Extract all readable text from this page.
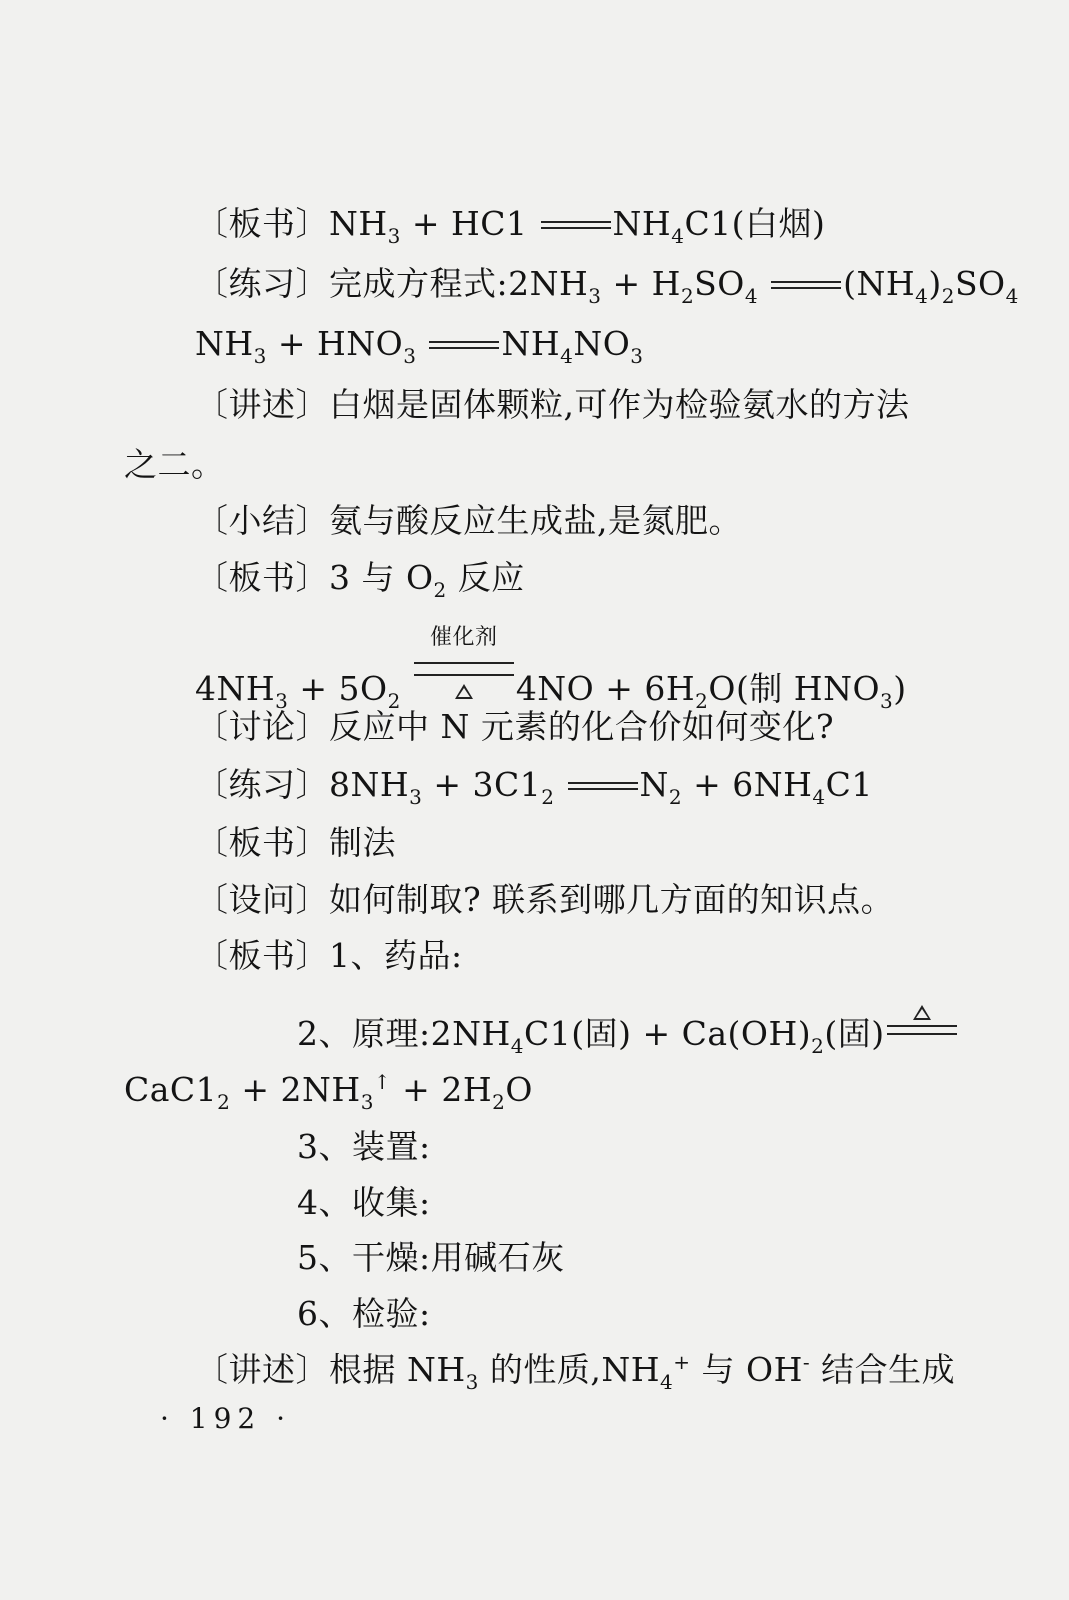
〔板书〕$NH_3 + HC1$ $NH_4C1$(白烟)
〔练习〕完成方程式$:2NH_3 + H_2SO_4$	$(NH_4)_2SO_4$
$NH_3 + HNO_3$	$NH_4NO_3$
〔讲述〕白烟是固体颗粒,可作为检验氨水的方法
之二。
〔小结〕氨与酸反应生成盐,是氮肥。
〔板书〕3 与 $O_2$ 反应
$4NH_3 + 5O_2$
催化剂
$4NO + 6H_2O$(制 $HNO_3$)
〔讨论〕反应中 N 元素的化合价如何变化?
〔练习〕$8NH_3 + 3C1_2$	$N_2 + 6NH_4C1$
〔板书〕制法
〔设问〕如何制取? 联系到哪几方面的知识点。
〔板书〕1、药品:
2、原理$:2NH_4C1$(固) + $Ca(OH)_2$(固)
$CaC1_2 + 2NH_3^↑ + 2H_2O$
3、装置:
4、收集:
5、干燥:用碱石灰
6、检验:
〔讲述〕根据 $NH_3$ 的性质$,NH_4^+$ 与 OH- 结合生成
· 192 ·
